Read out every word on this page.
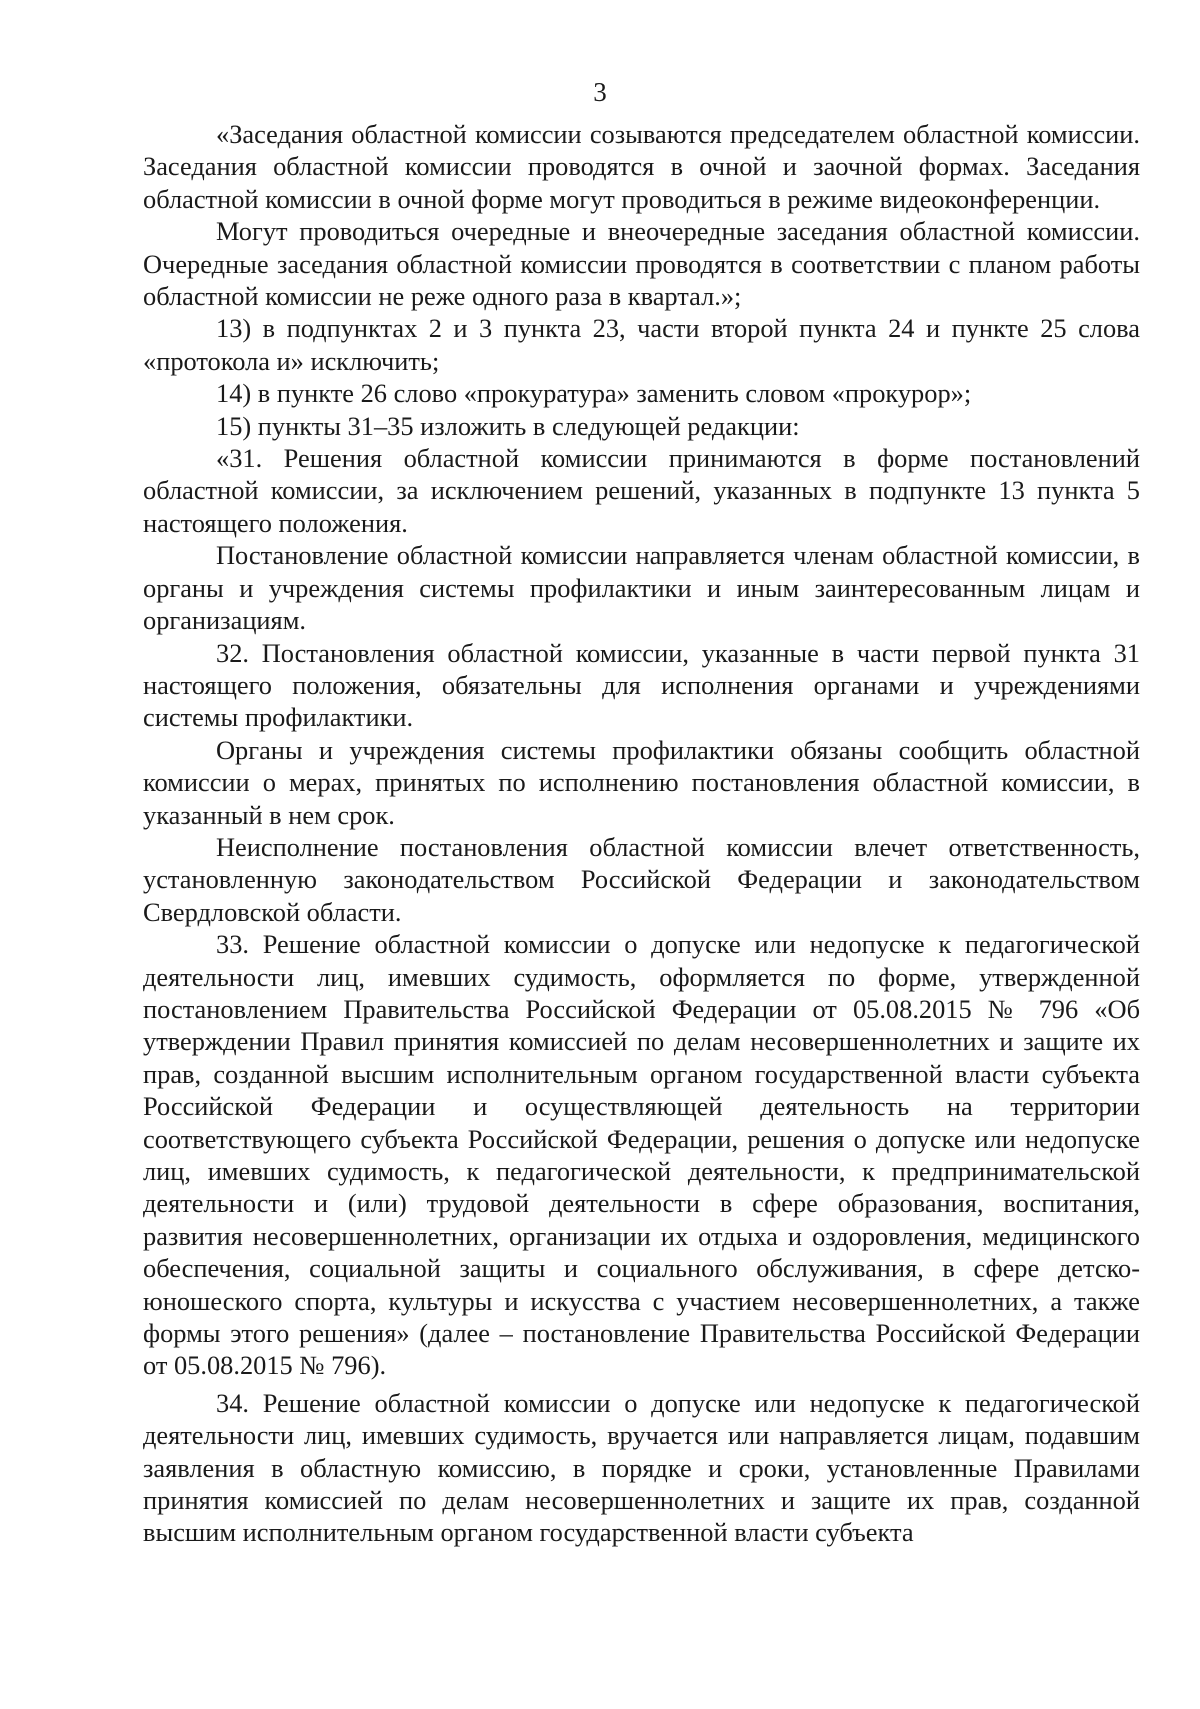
3

«Заседания областной комиссии созываются председателем областной комиссии. Заседания областной комиссии проводятся в очной и заочной формах. Заседания областной комиссии в очной форме могут проводиться в режиме видеоконференции.

Могут проводиться очередные и внеочередные заседания областной комиссии. Очередные заседания областной комиссии проводятся в соответствии с планом работы областной комиссии не реже одного раза в квартал.»;

13) в подпунктах 2 и 3 пункта 23, части второй пункта 24 и пункте 25 слова «протокола и» исключить;

14) в пункте 26 слово «прокуратура» заменить словом «прокурор»;

15) пункты 31–35 изложить в следующей редакции:

«31. Решения областной комиссии принимаются в форме постановлений областной комиссии, за исключением решений, указанных в подпункте 13 пункта 5 настоящего положения.

Постановление областной комиссии направляется членам областной комиссии, в органы и учреждения системы профилактики и иным заинтересованным лицам и организациям.

32. Постановления областной комиссии, указанные в части первой пункта 31 настоящего положения, обязательны для исполнения органами и учреждениями системы профилактики.

Органы и учреждения системы профилактики обязаны сообщить областной комиссии о мерах, принятых по исполнению постановления областной комиссии, в указанный в нем срок.

Неисполнение постановления областной комиссии влечет ответственность, установленную законодательством Российской Федерации и законодательством Свердловской области.

33. Решение областной комиссии о допуске или недопуске к педагогической деятельности лиц, имевших судимость, оформляется по форме, утвержденной постановлением Правительства Российской Федерации от 05.08.2015 № 796 «Об утверждении Правил принятия комиссией по делам несовершеннолетних и защите их прав, созданной высшим исполнительным органом государственной власти субъекта Российской Федерации и осуществляющей деятельность на территории соответствующего субъекта Российской Федерации, решения о допуске или недопуске лиц, имевших судимость, к педагогической деятельности, к предпринимательской деятельности и (или) трудовой деятельности в сфере образования, воспитания, развития несовершеннолетних, организации их отдыха и оздоровления, медицинского обеспечения, социальной защиты и социального обслуживания, в сфере детско-юношеского спорта, культуры и искусства с участием несовершеннолетних, а также формы этого решения» (далее – постановление Правительства Российской Федерации от 05.08.2015 № 796).

34. Решение областной комиссии о допуске или недопуске к педагогической деятельности лиц, имевших судимость, вручается или направляется лицам, подавшим заявления в областную комиссию, в порядке и сроки, установленные Правилами принятия комиссией по делам несовершеннолетних и защите их прав, созданной высшим исполнительным органом государственной власти субъекта
